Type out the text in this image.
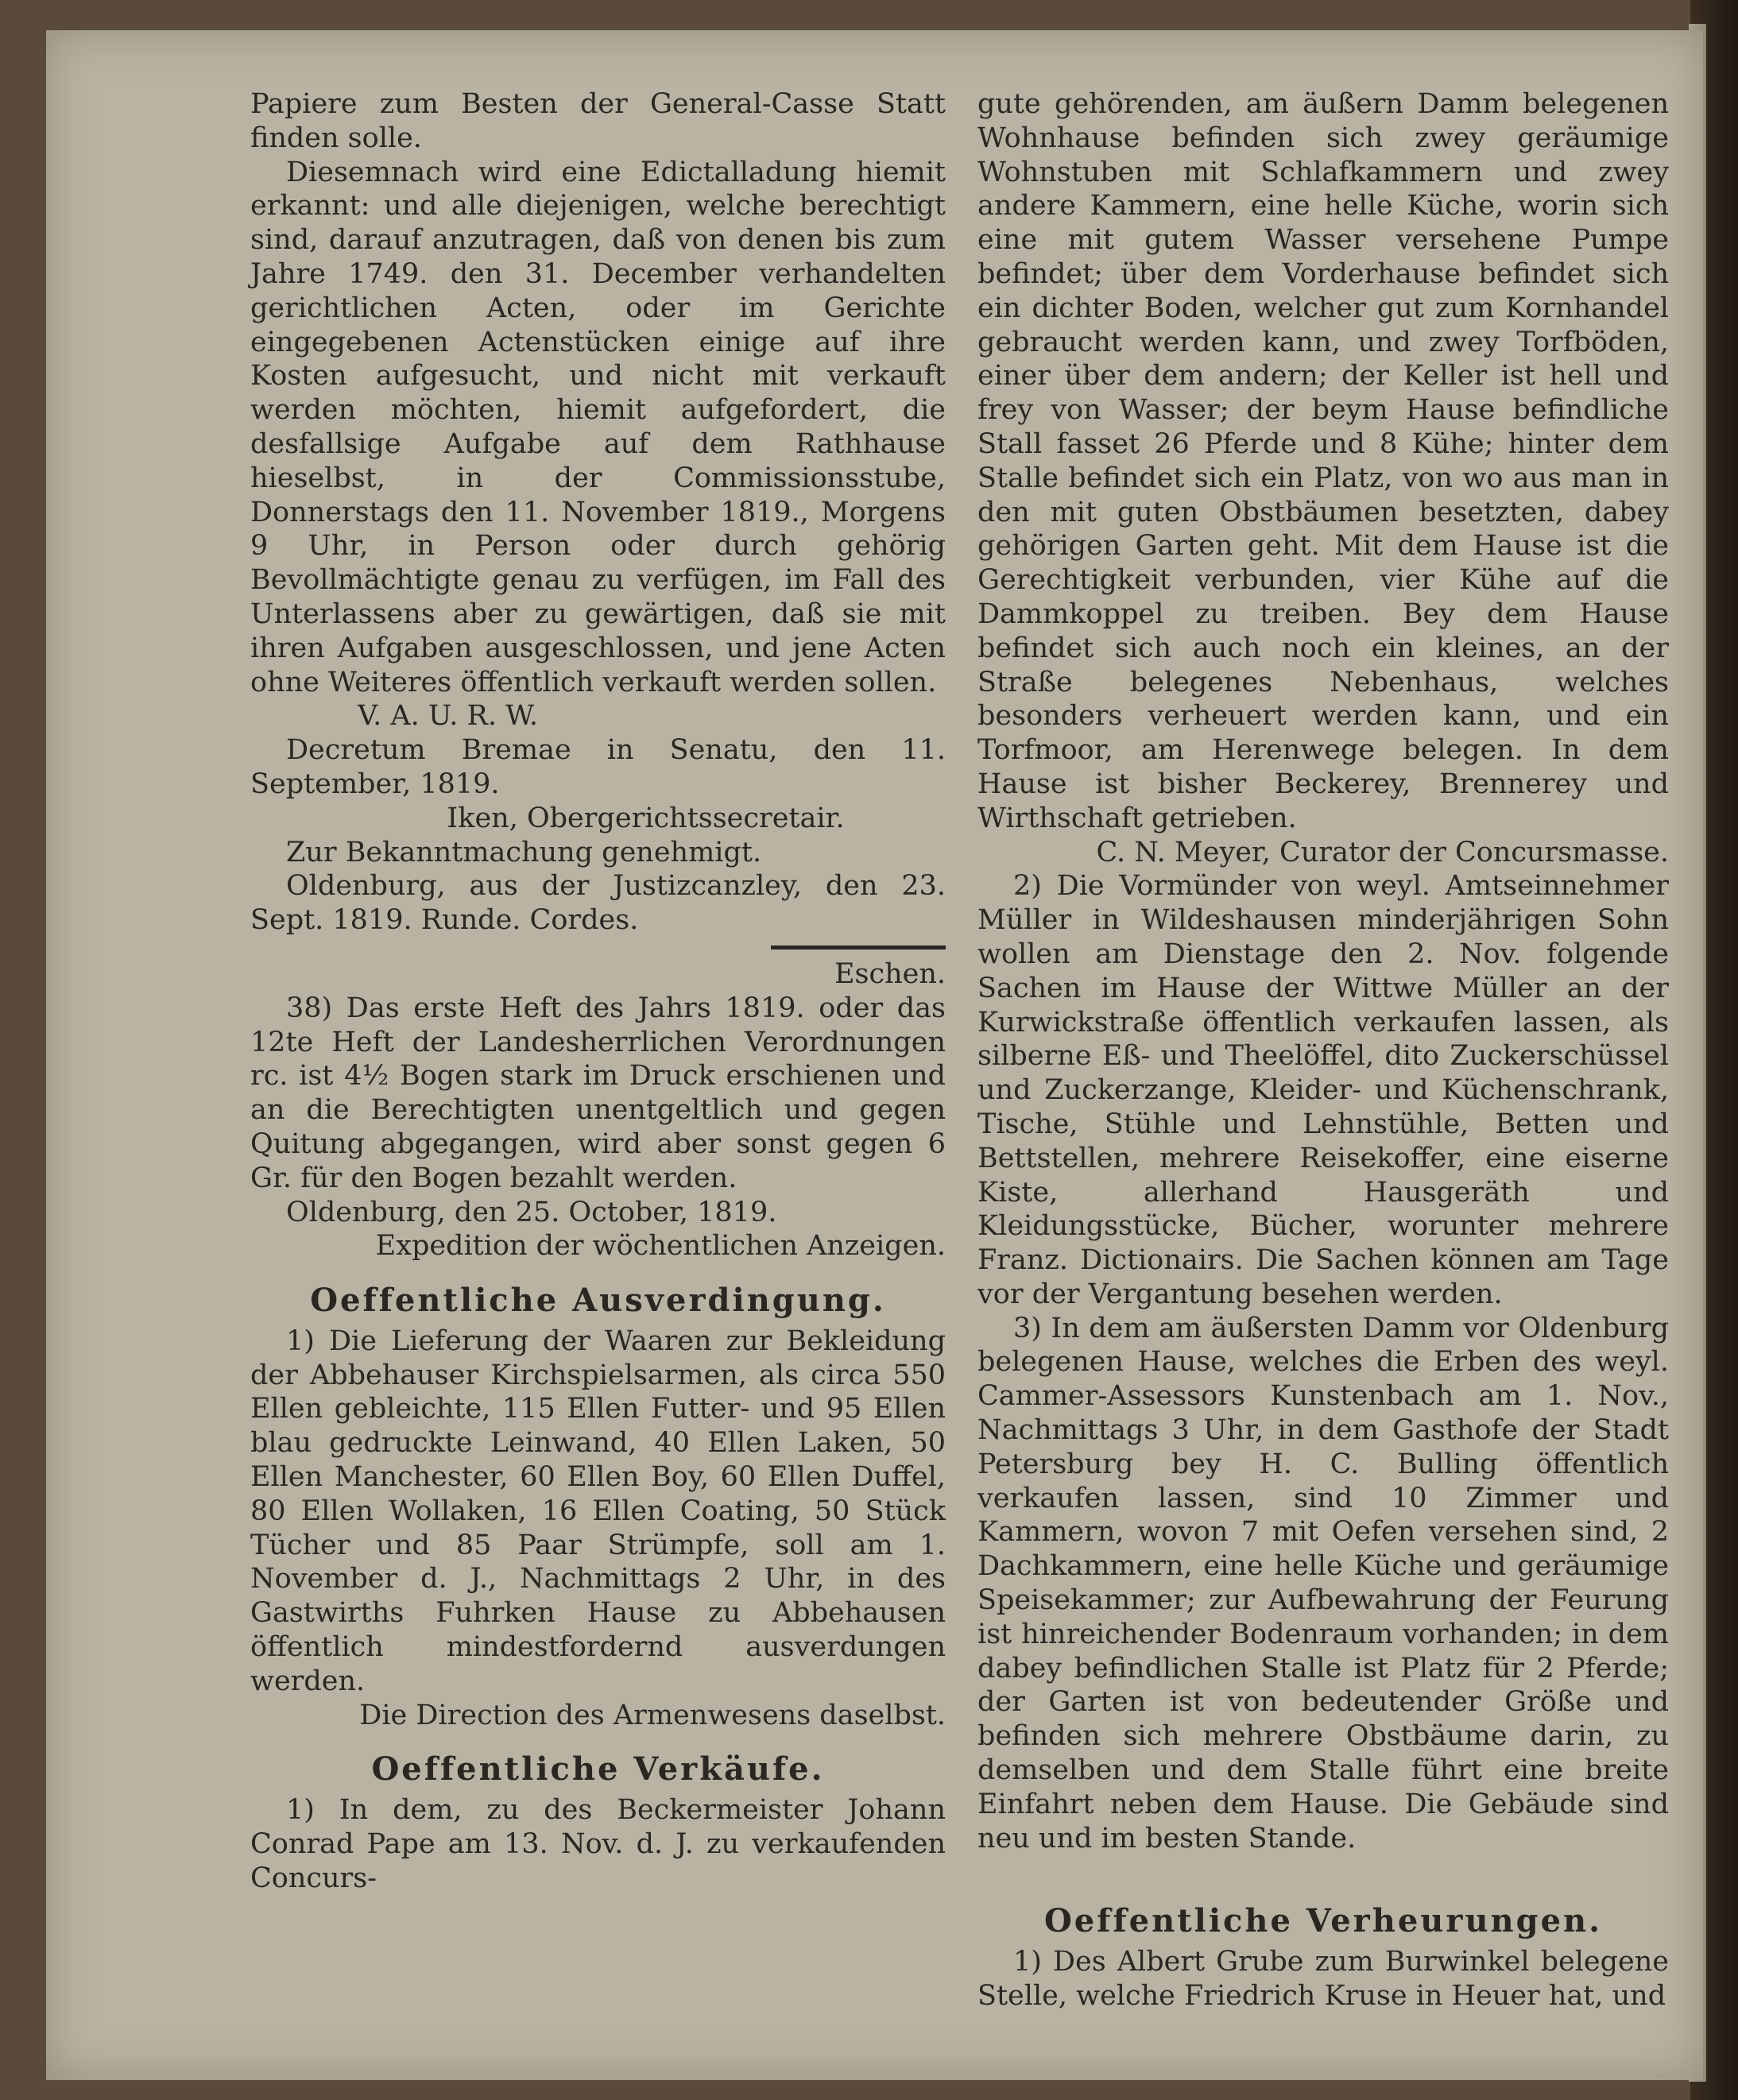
Papiere zum Besten der General-Casse Statt finden solle.

Diesemnach wird eine Edictalladung hiemit erkannt: und alle diejenigen, welche berechtigt sind, darauf anzutragen, daß von denen bis zum Jahre 1749. den 31. December verhandelten gerichtlichen Acten, oder im Gerichte eingegebenen Actenstücken einige auf ihre Kosten aufgesucht, und nicht mit verkauft werden möchten, hiemit aufgefordert, die desfallsige Aufgabe auf dem Rathhause hieselbst, in der Commissionsstube, Donnerstags den 11. November 1819., Morgens 9 Uhr, in Person oder durch gehörig Bevollmächtigte genau zu verfügen, im Fall des Unterlassens aber zu gewärtigen, daß sie mit ihren Aufgaben ausgeschlossen, und jene Acten ohne Weiteres öffentlich verkauft werden sollen.

V. A. U. R. W.

Decretum Bremae in Senatu, den 11. September, 1819.

Iken, Obergerichtssecretair.

Zur Bekanntmachung genehmigt.

Oldenburg, aus der Justizcanzley, den 23. Sept. 1819. Runde. Cordes.

Eschen.

38) Das erste Heft des Jahrs 1819. oder das 12te Heft der Landesherrlichen Verordnungen rc. ist 4½ Bogen stark im Druck erschienen und an die Berechtigten unentgeltlich und gegen Quitung abgegangen, wird aber sonst gegen 6 Gr. für den Bogen bezahlt werden.

Oldenburg, den 25. October, 1819.

Expedition der wöchentlichen Anzeigen.

Oeffentliche Ausverdingung.

1) Die Lieferung der Waaren zur Bekleidung der Abbehauser Kirchspielsarmen, als circa 550 Ellen gebleichte, 115 Ellen Futter- und 95 Ellen blau gedruckte Leinwand, 40 Ellen Laken, 50 Ellen Manchester, 60 Ellen Boy, 60 Ellen Duffel, 80 Ellen Wollaken, 16 Ellen Coating, 50 Stück Tücher und 85 Paar Strümpfe, soll am 1. November d. J., Nachmittags 2 Uhr, in des Gastwirths Fuhrken Hause zu Abbehausen öffentlich mindestfordernd ausverdungen werden.

Die Direction des Armenwesens daselbst.

Oeffentliche Verkäufe.

1) In dem, zu des Beckermeister Johann Conrad Pape am 13. Nov. d. J. zu verkaufenden Concurs-

gute gehörenden, am äußern Damm belegenen Wohnhause befinden sich zwey geräumige Wohnstuben mit Schlafkammern und zwey andere Kammern, eine helle Küche, worin sich eine mit gutem Wasser versehene Pumpe befindet; über dem Vorderhause befindet sich ein dichter Boden, welcher gut zum Kornhandel gebraucht werden kann, und zwey Torfböden, einer über dem andern; der Keller ist hell und frey von Wasser; der beym Hause befindliche Stall fasset 26 Pferde und 8 Kühe; hinter dem Stalle befindet sich ein Platz, von wo aus man in den mit guten Obstbäumen besetzten, dabey gehörigen Garten geht. Mit dem Hause ist die Gerechtigkeit verbunden, vier Kühe auf die Dammkoppel zu treiben. Bey dem Hause befindet sich auch noch ein kleines, an der Straße belegenes Nebenhaus, welches besonders verheuert werden kann, und ein Torfmoor, am Herenwege belegen. In dem Hause ist bisher Beckerey, Brennerey und Wirthschaft getrieben.

C. N. Meyer, Curator der Concursmasse.

2) Die Vormünder von weyl. Amtseinnehmer Müller in Wildeshausen minderjährigen Sohn wollen am Dienstage den 2. Nov. folgende Sachen im Hause der Wittwe Müller an der Kurwickstraße öffentlich verkaufen lassen, als silberne Eß- und Theelöffel, dito Zuckerschüssel und Zuckerzange, Kleider- und Küchenschrank, Tische, Stühle und Lehnstühle, Betten und Bettstellen, mehrere Reisekoffer, eine eiserne Kiste, allerhand Hausgeräth und Kleidungsstücke, Bücher, worunter mehrere Franz. Dictionairs. Die Sachen können am Tage vor der Vergantung besehen werden.

3) In dem am äußersten Damm vor Oldenburg belegenen Hause, welches die Erben des weyl. Cammer-Assessors Kunstenbach am 1. Nov., Nachmittags 3 Uhr, in dem Gasthofe der Stadt Petersburg bey H. C. Bulling öffentlich verkaufen lassen, sind 10 Zimmer und Kammern, wovon 7 mit Oefen versehen sind, 2 Dachkammern, eine helle Küche und geräumige Speisekammer; zur Aufbewahrung der Feurung ist hinreichender Bodenraum vorhanden; in dem dabey befindlichen Stalle ist Platz für 2 Pferde; der Garten ist von bedeutender Größe und befinden sich mehrere Obstbäume darin, zu demselben und dem Stalle führt eine breite Einfahrt neben dem Hause. Die Gebäude sind neu und im besten Stande.

Oeffentliche Verheurungen.

1) Des Albert Grube zum Burwinkel belegene Stelle, welche Friedrich Kruse in Heuer hat, und
